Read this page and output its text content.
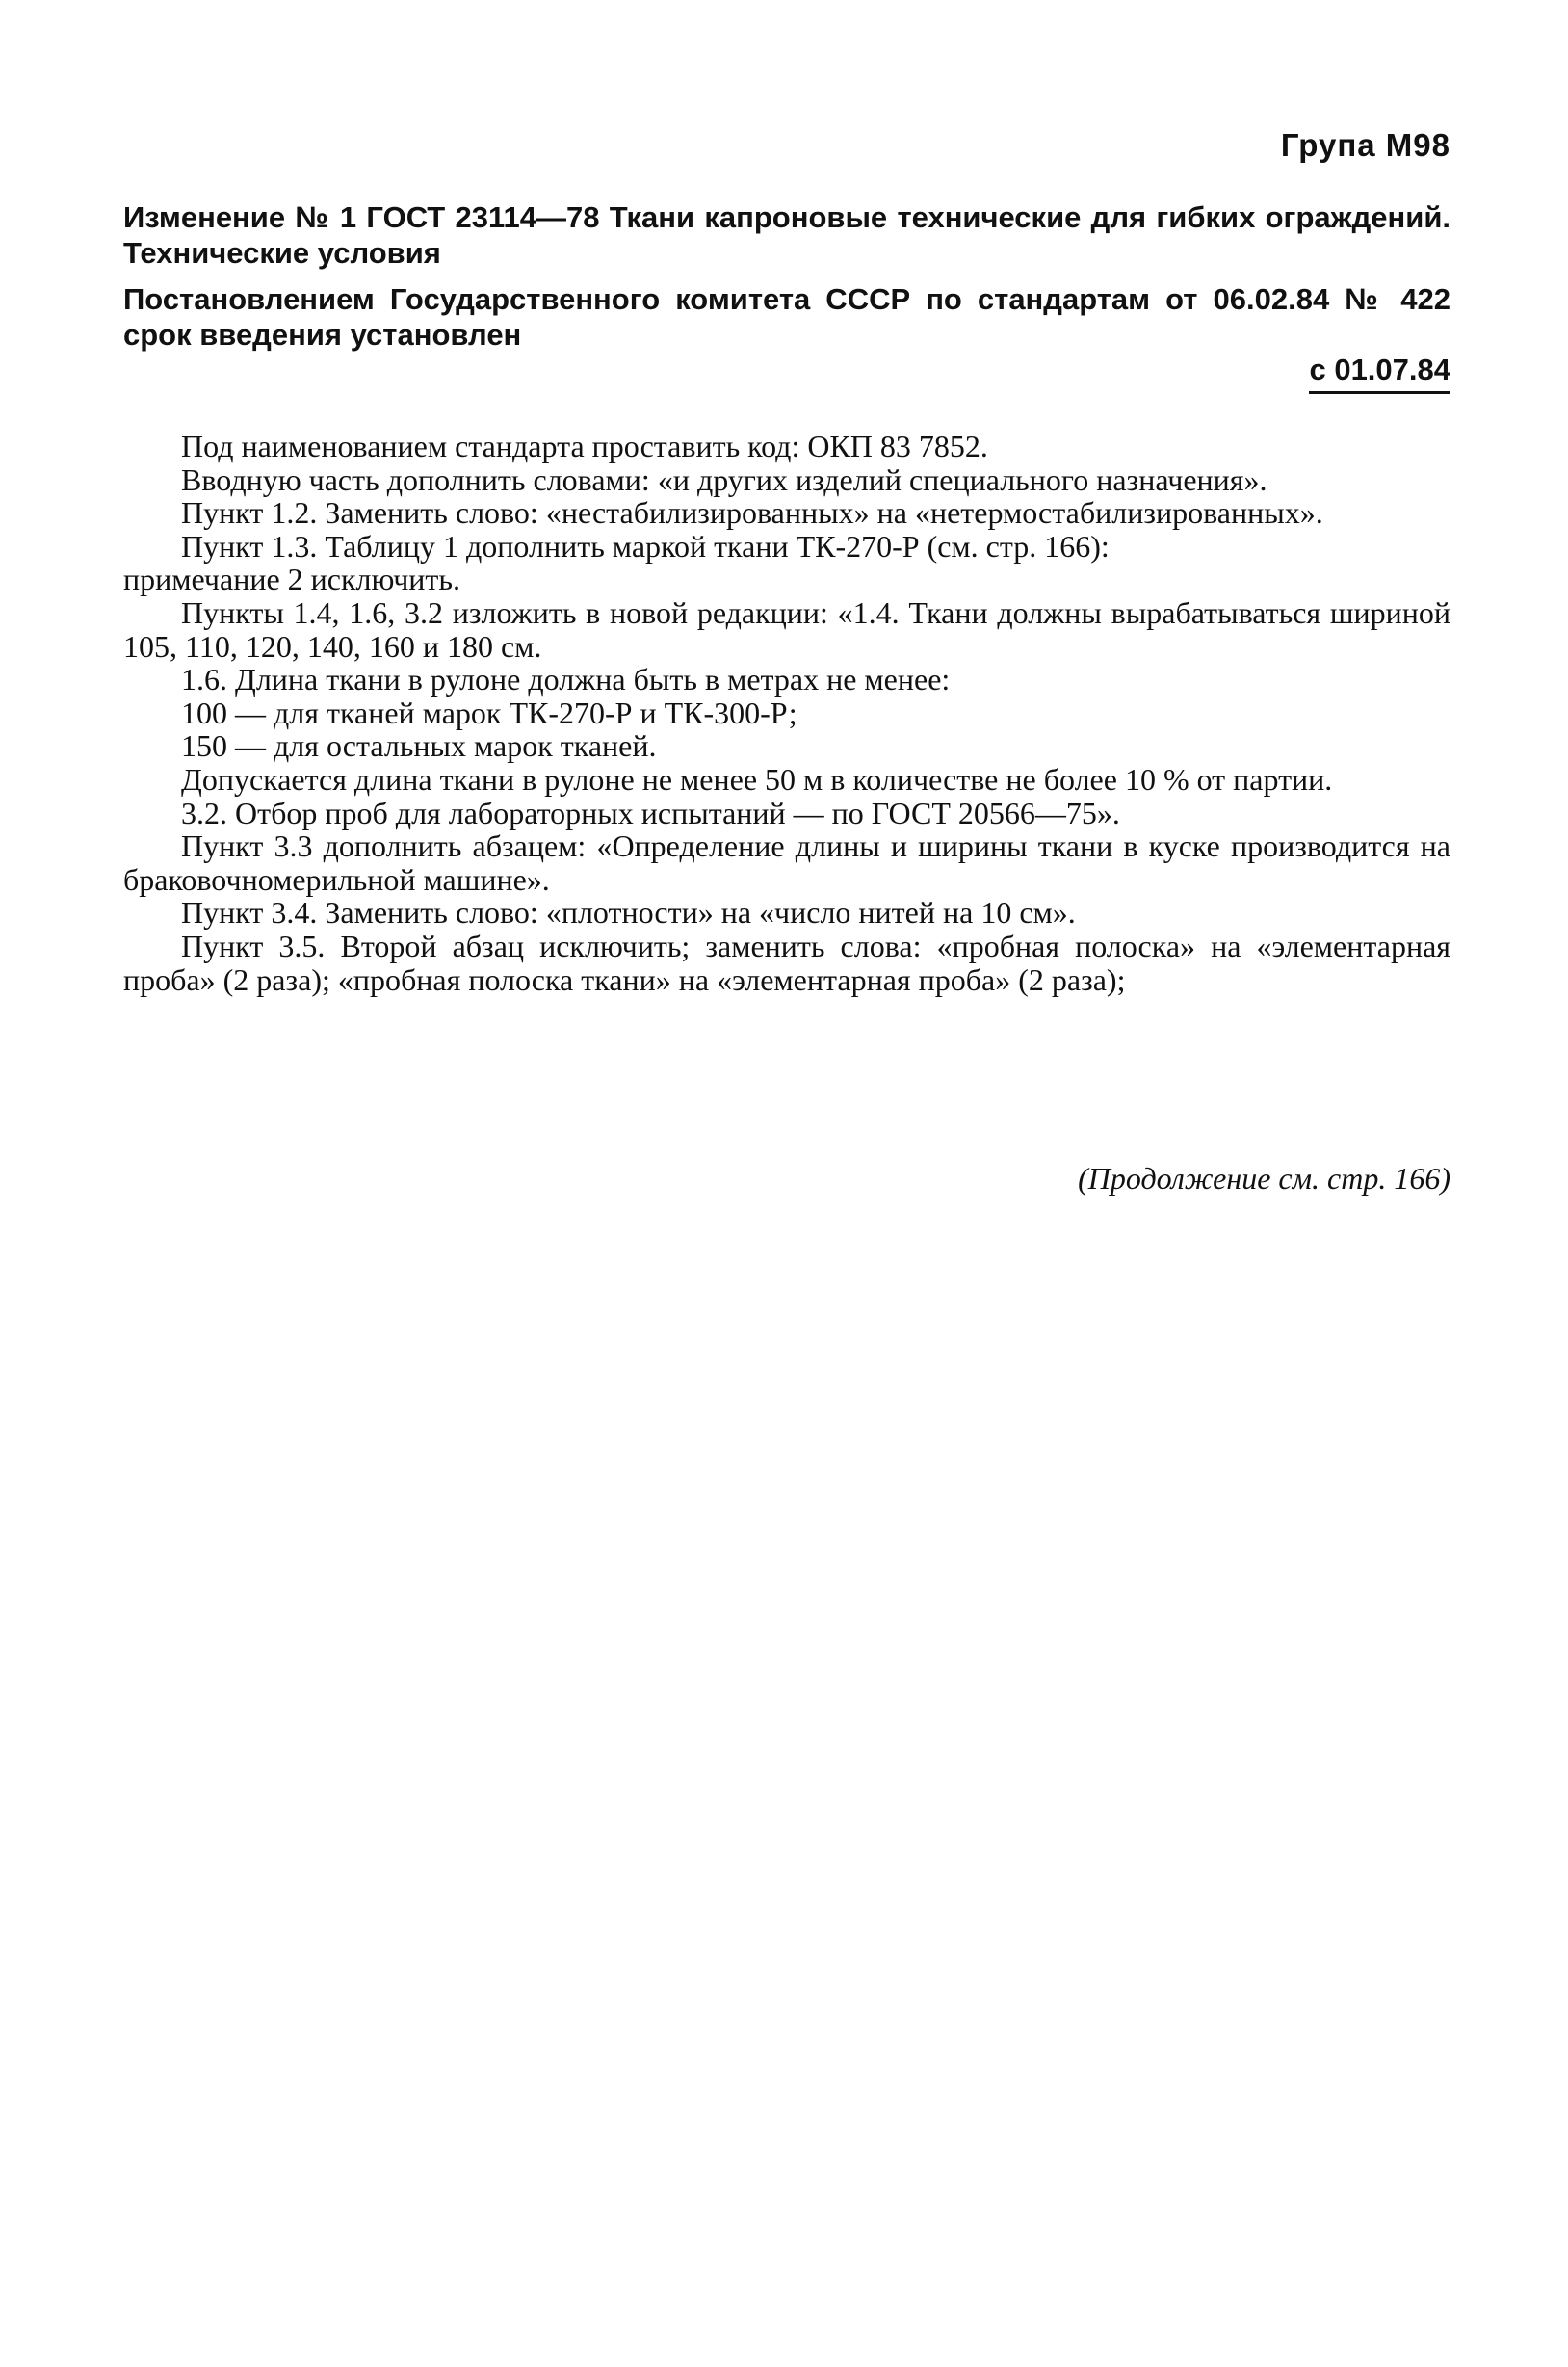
Група М98
Изменение № 1 ГОСТ 23114—78 Ткани капроновые технические для гибких ограждений. Технические условия
Постановлением Государственного комитета СССР по стандартам от 06.02.84 № 422 срок введения установлен
с 01.07.84

Под наименованием стандарта проставить код: ОКП 83 7852.

Вводную часть дополнить словами: «и других изделий специального назначения».

Пункт 1.2. Заменить слово: «нестабилизированных» на «нетермостабилизированных».

Пункт 1.3. Таблицу 1 дополнить маркой ткани ТК-270-Р (см. стр. 166):

примечание 2 исключить.

Пункты 1.4, 1.6, 3.2 изложить в новой редакции: «1.4. Ткани должны вырабатываться шириной 105, 110, 120, 140, 160 и 180 см.

1.6. Длина ткани в рулоне должна быть в метрах не менее:

100 — для тканей марок ТК-270-Р и ТК-300-Р;

150 — для остальных марок тканей.

Допускается длина ткани в рулоне не менее 50 м в количестве не более 10 % от партии.

3.2. Отбор проб для лабораторных испытаний — по ГОСТ 20566—75».

Пункт 3.3 дополнить абзацем: «Определение длины и ширины ткани в куске производится на браковочномерильной машине».

Пункт 3.4. Заменить слово: «плотности» на «число нитей на 10 см».

Пункт 3.5. Второй абзац исключить; заменить слова: «пробная полоска» на «элементарная проба» (2 раза); «пробная полоска ткани» на «элементарная проба» (2 раза);

(Продолжение см. стр. 166)
